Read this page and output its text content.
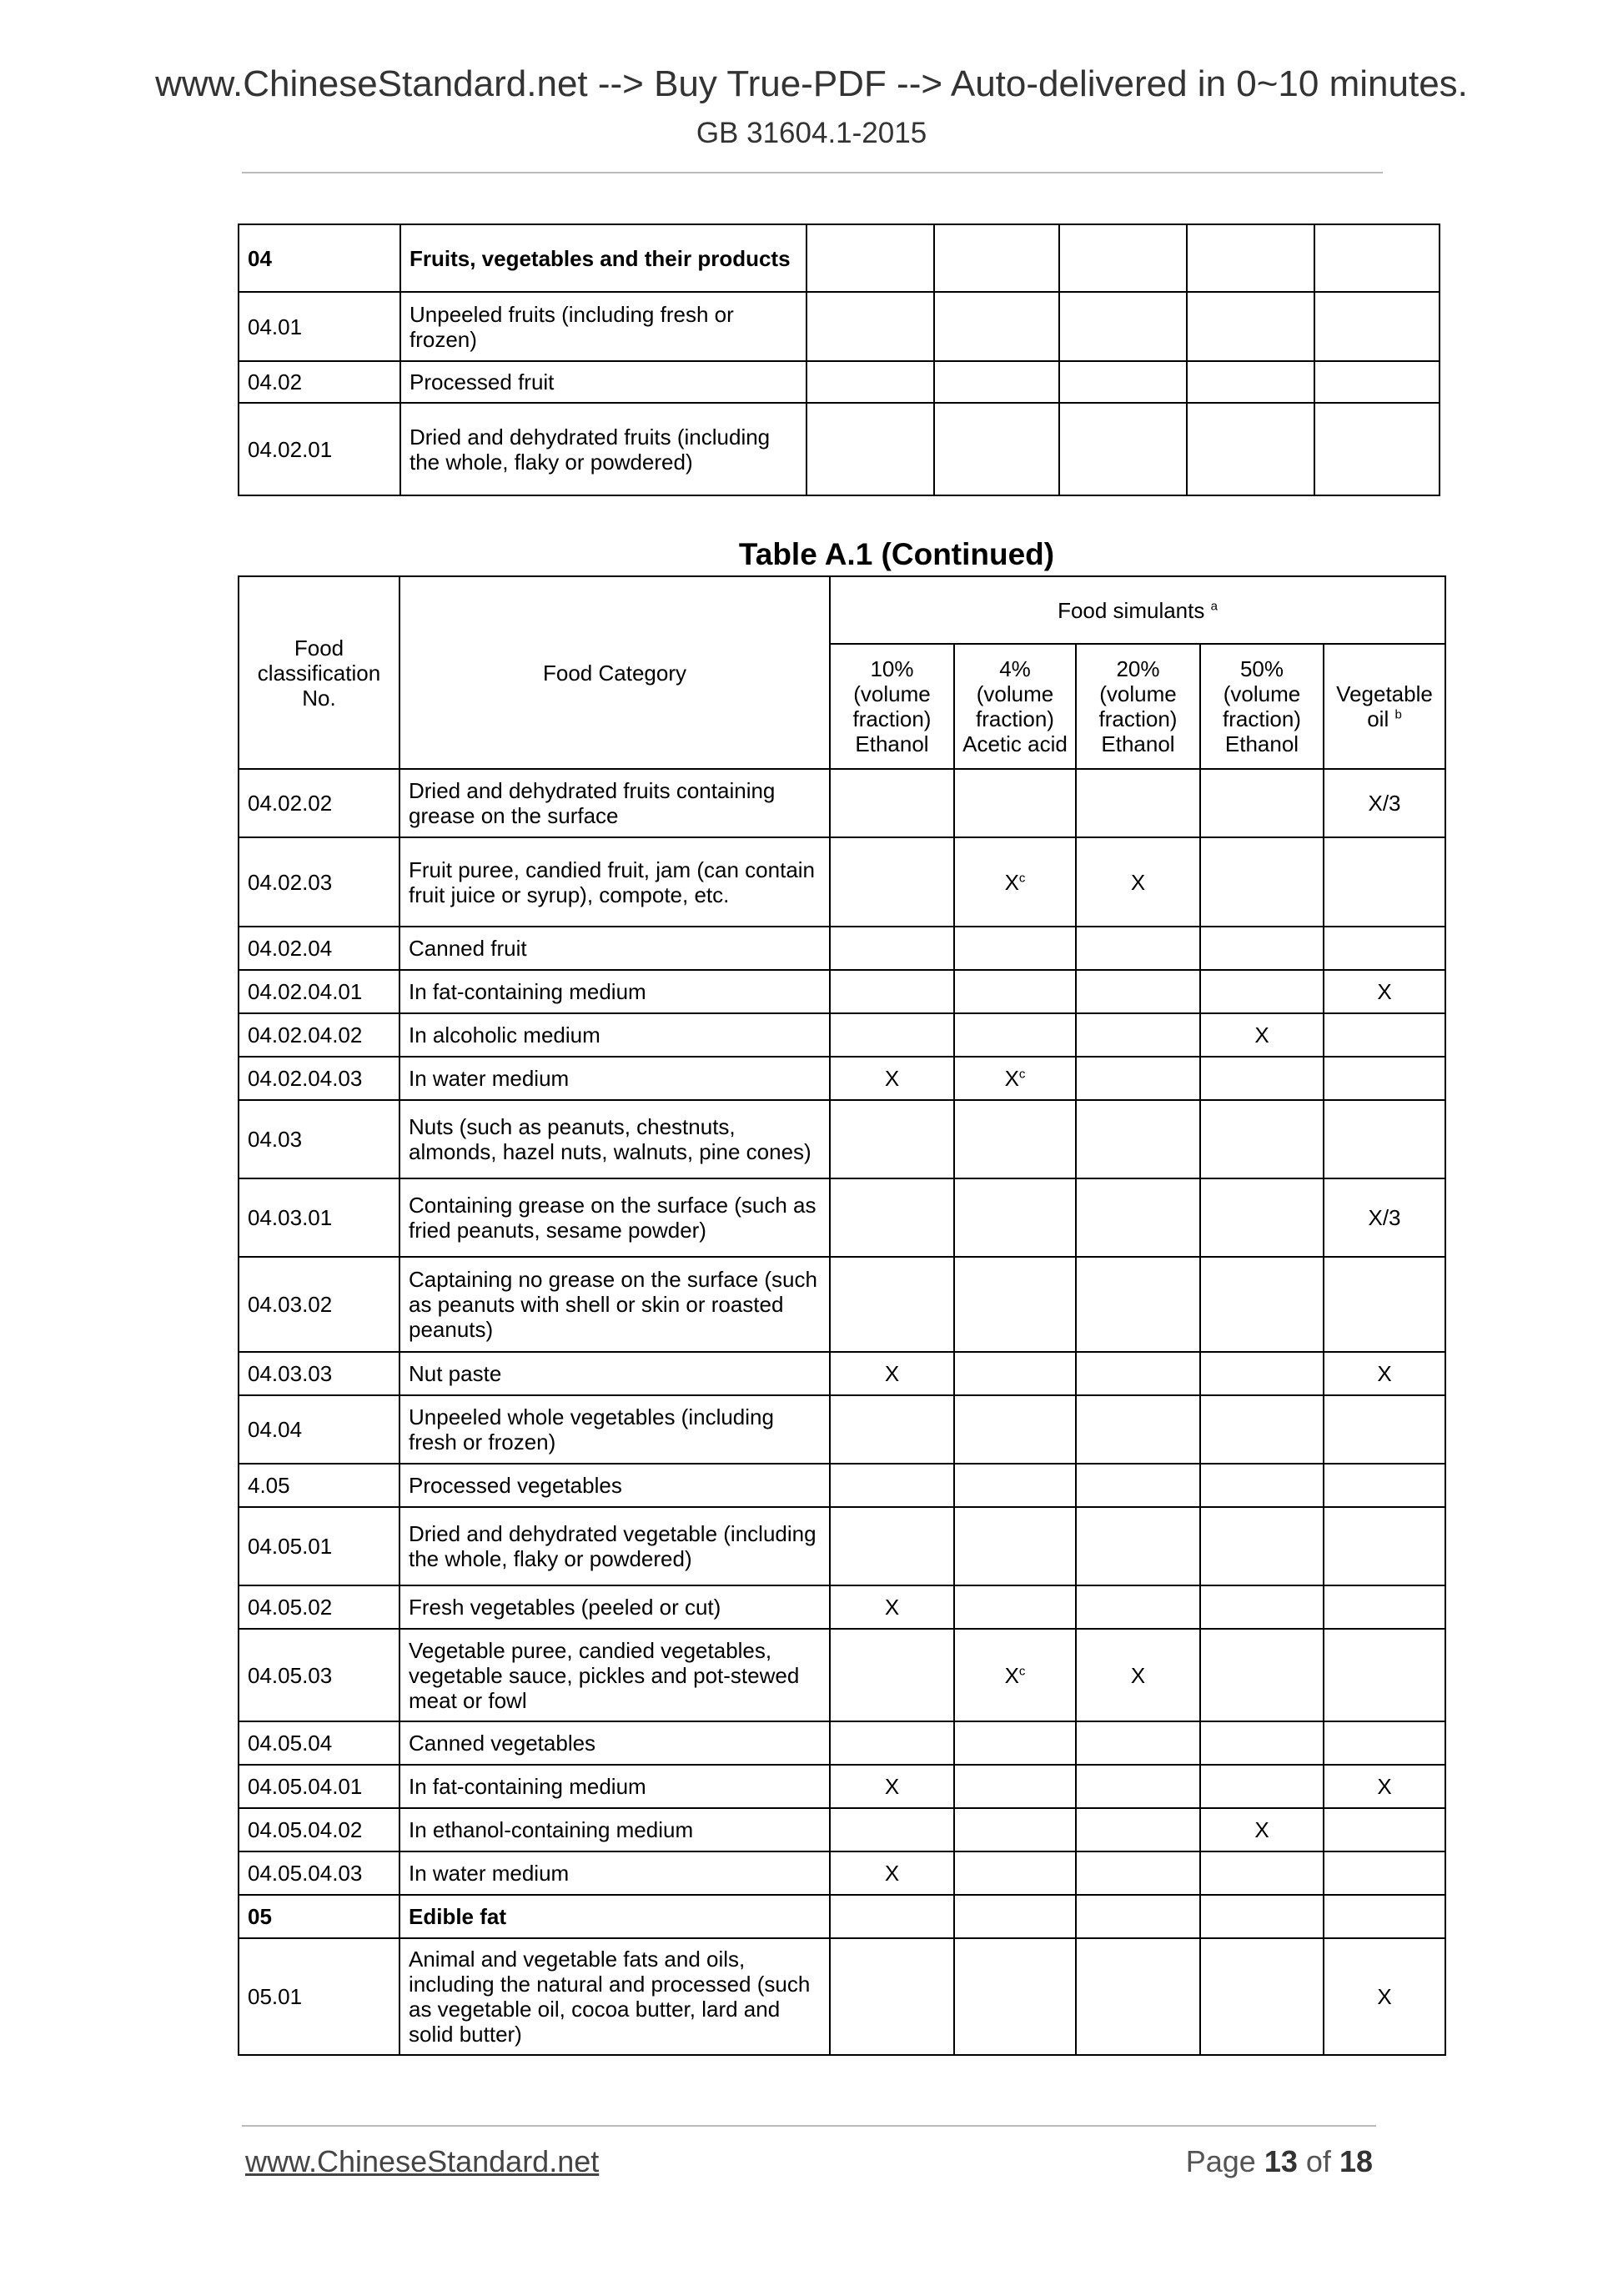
www.ChineseStandard.net --> Buy True-PDF --> Auto-delivered in 0~10 minutes.
GB 31604.1-2015
04	Fruits, vegetables and their products					
04.01	Unpeeled fruits (including fresh or frozen)					
04.02	Processed fruit					
04.02.01	Dried and dehydrated fruits (including the whole, flaky or powdered)					
Table A.1 (Continued)
Food classification No.	Food Category	Food simulants $^a$
		10% (volume fraction) Ethanol	4% (volume fraction) Acetic acid	20% (volume fraction) Ethanol	50% (volume fraction) Ethanol	Vegetable oil $^b$
04.02.02	Dried and dehydrated fruits containing grease on the surface					X/3
04.02.03	Fruit puree, candied fruit, jam (can contain fruit juice or syrup), compote, etc.		$X^c$	X		
04.02.04	Canned fruit					
04.02.04.01	In fat-containing medium					X
04.02.04.02	In alcoholic medium				X	
04.02.04.03	In water medium	X	$X^c$			
04.03	Nuts (such as peanuts, chestnuts, almonds, hazel nuts, walnuts, pine cones)					
04.03.01	Containing grease on the surface (such as fried peanuts, sesame powder)					X/3
04.03.02	Captaining no grease on the surface (such as peanuts with shell or skin or roasted peanuts)					
04.03.03	Nut paste	X				X
04.04	Unpeeled whole vegetables (including fresh or frozen)					
4.05	Processed vegetables					
04.05.01	Dried and dehydrated vegetable (including the whole, flaky or powdered)					
04.05.02	Fresh vegetables (peeled or cut)	X				
04.05.03	Vegetable puree, candied vegetables, vegetable sauce, pickles and pot-stewed meat or fowl		$X^c$	X		
04.05.04	Canned vegetables					
04.05.04.01	In fat-containing medium	X				X
04.05.04.02	In ethanol-containing medium				X	
04.05.04.03	In water medium	X				
05	Edible fat					
05.01	Animal and vegetable fats and oils, including the natural and processed (such as vegetable oil, cocoa butter, lard and solid butter)					X
www.ChineseStandard.net	Page 13 of 18
